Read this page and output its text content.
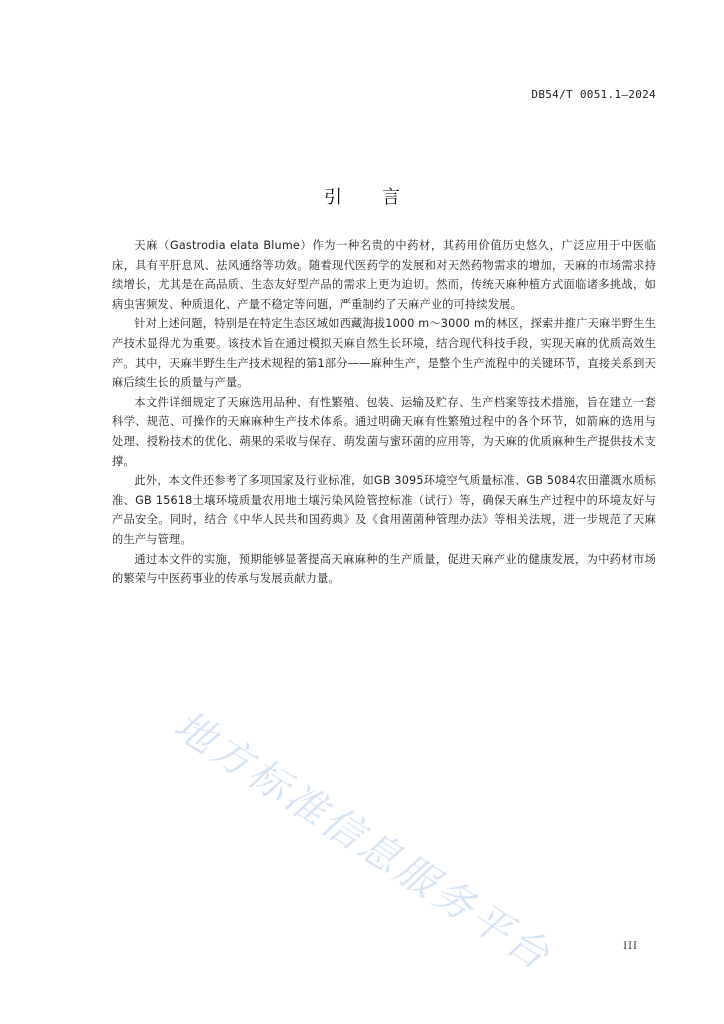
DB54/T 0051.1—2024
引言

天麻（Gastrodia elata Blume）作为一种名贵的中药材，其药用价值历史悠久，广泛应用于中医临床，具有平肝息风、祛风通络等功效。随着现代医药学的发展和对天然药物需求的增加，天麻的市场需求持续增长，尤其是在高品质、生态友好型产品的需求上更为迫切。然而，传统天麻种植方式面临诸多挑战，如病虫害频发、种质退化、产量不稳定等问题，严重制约了天麻产业的可持续发展。

针对上述问题，特别是在特定生态区域如西藏海拔1000 m～3000 m的林区，探索并推广天麻半野生生产技术显得尤为重要。该技术旨在通过模拟天麻自然生长环境，结合现代科技手段，实现天麻的优质高效生产。其中，天麻半野生生产技术规程的第1部分——麻种生产，是整个生产流程中的关键环节，直接关系到天麻后续生长的质量与产量。

本文件详细规定了天麻选用品种、有性繁殖、包装、运输及贮存、生产档案等技术措施，旨在建立一套科学、规范、可操作的天麻麻种生产技术体系。通过明确天麻有性繁殖过程中的各个环节，如箭麻的选用与处理、授粉技术的优化、蒴果的采收与保存、萌发菌与蜜环菌的应用等，为天麻的优质麻种生产提供技术支撑。

此外，本文件还参考了多项国家及行业标准，如GB 3095环境空气质量标准、GB 5084农田灌溉水质标准、GB 15618土壤环境质量农用地土壤污染风险管控标准（试行）等，确保天麻生产过程中的环境友好与产品安全。同时，结合《中华人民共和国药典》及《食用菌菌种管理办法》等相关法规，进一步规范了天麻的生产与管理。

通过本文件的实施，预期能够显著提高天麻麻种的生产质量，促进天麻产业的健康发展，为中药材市场的繁荣与中医药事业的传承与发展贡献力量。

地方标准信息服务平台	III
